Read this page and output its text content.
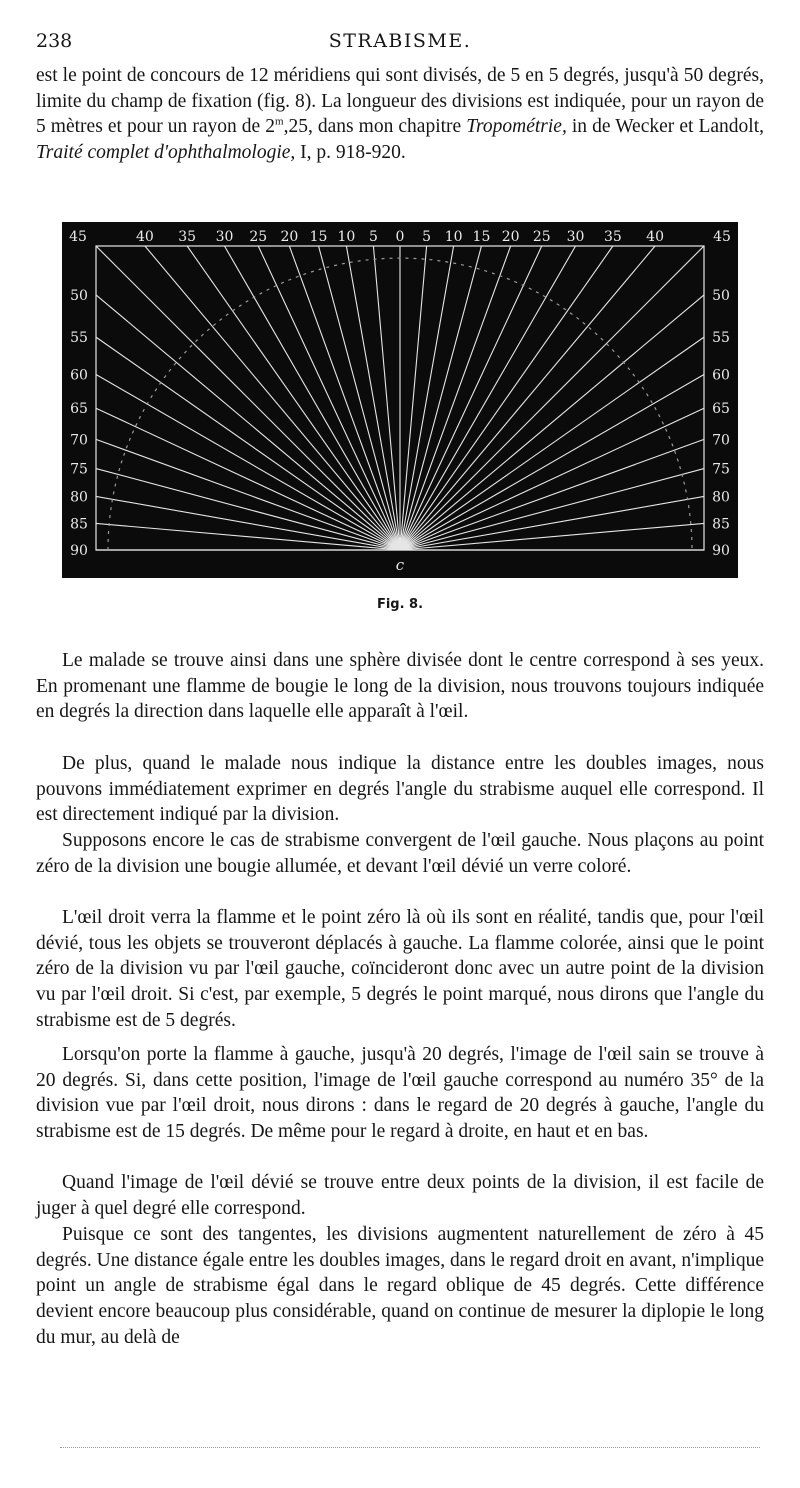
238	STRABISME.

est le point de concours de 12 méridiens qui sont divisés, de 5 en 5 degrés, jusqu'à 50 degrés, limite du champ de fixation (fig. 8). La longueur des divisions est indiquée, pour un rayon de 5 mètres et pour un rayon de 2$^m$,25, dans mon chapitre Tropométrie, in de Wecker et Landolt, Traité complet d'ophthalmologie, I, p. 918-920.

45	40 35 30 25 20 15 10 5 0 5 10 15 20 25 30 35 40	45
50
55
60
65
70
75
80
85
90
50
55
60
65
70
75
80
85
90
c
Fig. 8.

Le malade se trouve ainsi dans une sphère divisée dont le centre correspond à ses yeux. En promenant une flamme de bougie le long de la division, nous trouvons toujours indiquée en degrés la direction dans laquelle elle apparaît à l'œil.

De plus, quand le malade nous indique la distance entre les doubles images, nous pouvons immédiatement exprimer en degrés l'angle du strabisme auquel elle correspond. Il est directement indiqué par la division.

Supposons encore le cas de strabisme convergent de l'œil gauche. Nous plaçons au point zéro de la division une bougie allumée, et devant l'œil dévié un verre coloré.

L'œil droit verra la flamme et le point zéro là où ils sont en réalité, tandis que, pour l'œil dévié, tous les objets se trouveront déplacés à gauche. La flamme colorée, ainsi que le point zéro de la division vu par l'œil gauche, coïncideront donc avec un autre point de la division vu par l'œil droit. Si c'est, par exemple, 5 degrés le point marqué, nous dirons que l'angle du strabisme est de 5 degrés.

Lorsqu'on porte la flamme à gauche, jusqu'à 20 degrés, l'image de l'œil sain se trouve à 20 degrés. Si, dans cette position, l'image de l'œil gauche correspond au numéro 35° de la division vue par l'œil droit, nous dirons : dans le regard de 20 degrés à gauche, l'angle du strabisme est de 15 degrés. De même pour le regard à droite, en haut et en bas.

Quand l'image de l'œil dévié se trouve entre deux points de la division, il est facile de juger à quel degré elle correspond.

Puisque ce sont des tangentes, les divisions augmentent naturellement de zéro à 45 degrés. Une distance égale entre les doubles images, dans le regard droit en avant, n'implique point un angle de strabisme égal dans le regard oblique de 45 degrés. Cette différence devient encore beaucoup plus considérable, quand on continue de mesurer la diplopie le long du mur, au delà de
